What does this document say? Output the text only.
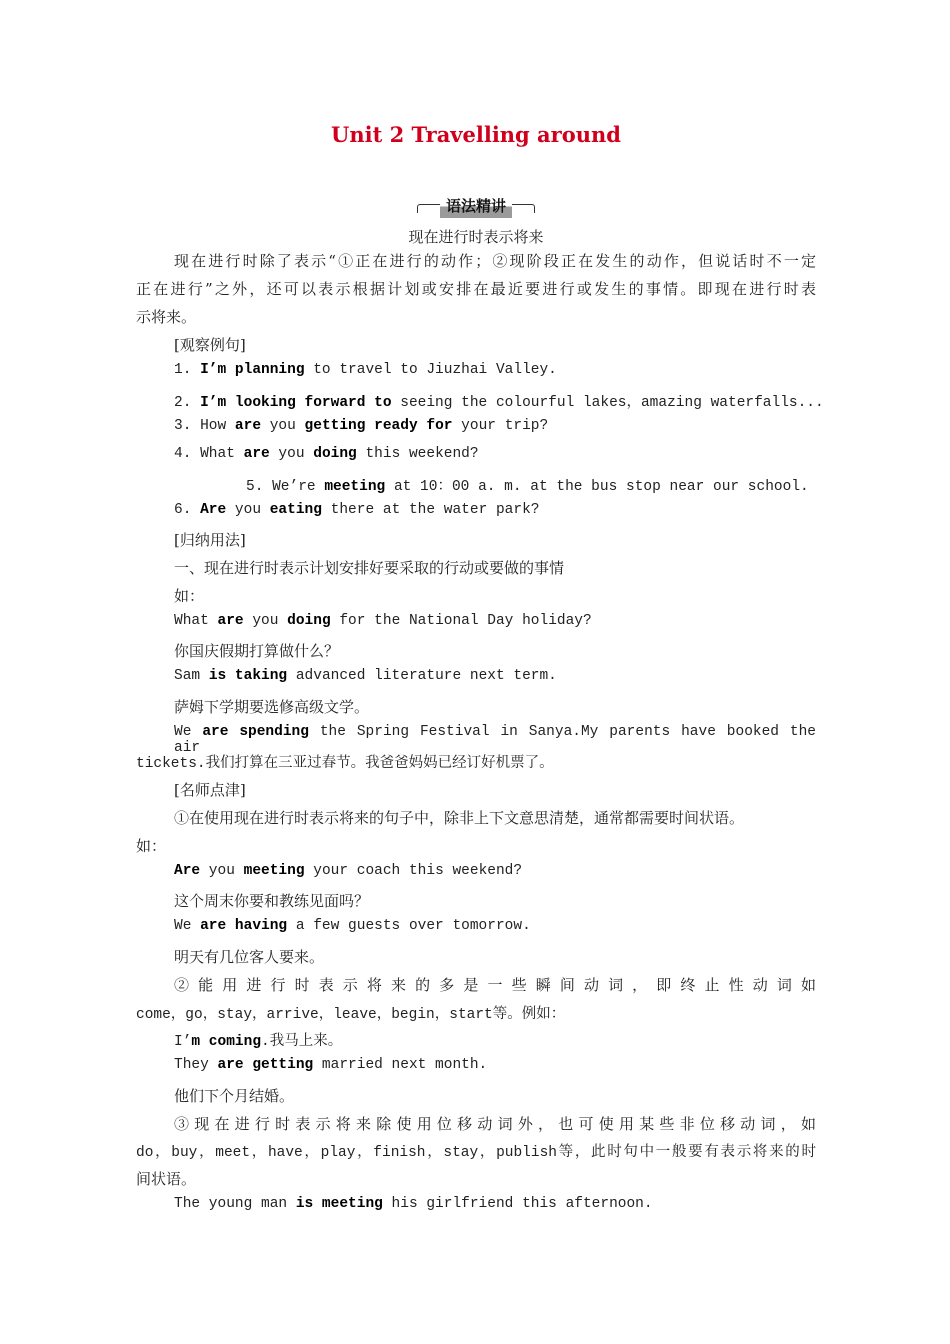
Unit 2 Travelling around
语法精讲
现在进行时表示将来
现在进行时除了表示“①正在进行的动作；②现阶段正在发生的动作，但说话时不一定
正在进行”之外，还可以表示根据计划或安排在最近要进行或发生的事情。即现在进行时表
示将来。
[观察例句]
1. I’m planning to travel to Jiuzhai Valley.
2. I’m looking forward to seeing the colourful lakes，amazing waterfalls...
3. How are you getting ready for your trip?
4. What are you doing this weekend?
5. We’re meeting at 10：00 a. m. at the bus stop near our school.
6. Are you eating there at the water park?
[归纳用法]
一、现在进行时表示计划安排好要采取的行动或要做的事情
如：
What are you doing for the National Day holiday?
你国庆假期打算做什么？
Sam is taking advanced literature next term.
萨姆下学期要选修高级文学。
We are spending the Spring Festival in Sanya.My parents have booked the air
tickets.我们打算在三亚过春节。我爸爸妈妈已经订好机票了。
[名师点津]
①在使用现在进行时表示将来的句子中，除非上下文意思清楚，通常都需要时间状语。
如：
Are you meeting your coach this weekend?
这个周末你要和教练见面吗？
We are having a few guests over tomorrow.
明天有几位客人要来。
② 能 用 进 行 时 表 示 将 来 的 多 是 一 些 瞬 间 动 词 ， 即 终 止 性 动 词 如
come，go，stay，arrive，leave，begin，start等。例如：
I’m coming.我马上来。
They are getting married next month.
他们下个月结婚。
③ 现 在 进 行 时 表 示 将 来 除 使 用 位 移 动 词 外 ， 也 可 使 用 某 些 非 位 移 动 词 ， 如
do，buy，meet，have，play，finish，stay，publish等，此时句中一般要有表示将来的时
间状语。
The young man is meeting his girlfriend this afternoon.
